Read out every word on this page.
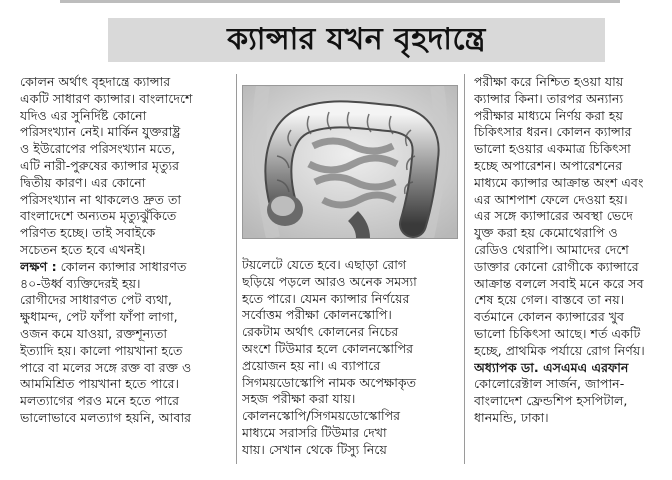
ক্যান্সার যখন বৃহদান্ত্রে
কোলন অর্থাৎ বৃহদান্ত্রে ক্যান্সার
একটি সাধারণ ক্যান্সার। বাংলাদেশে
যদিও এর সুনির্দিষ্ট কোনো
পরিসংখ্যান নেই। মার্কিন যুক্তরাষ্ট্র
ও ইউরোপের পরিসংখ্যান মতে,
এটি নারী-পুরুষের ক্যান্সার মৃত্যুর
দ্বিতীয় কারণ। এর কোনো
পরিসংখ্যান না থাকলেও দ্রুত তা
বাংলাদেশে অন্যতম মৃত্যুঝুঁকিতে
পরিণত হচ্ছে। তাই সবাইকে
সচেতন হতে হবে এখনই।
লক্ষণ : কোলন ক্যান্সার সাধারণত
৪০-উর্ধ্ব ব্যক্তিদেরই হয়।
রোগীদের সাধারণত পেট ব্যথা,
ক্ষুধামন্দ, পেট ফাঁপা ফাঁপা লাগা,
ওজন কমে যাওয়া, রক্তশূন্যতা
ইত্যাদি হয়। কালো পায়খানা হতে
পারে বা মলের সঙ্গে রক্ত বা রক্ত ও
আমমিশ্রিত পায়খানা হতে পারে।
মলত্যাগের পরও মনে হতে পারে
ভালোভাবে মলত্যাগ হয়নি, আবার
টয়লেটে যেতে হবে। এছাড়া রোগ
ছড়িয়ে পড়লে আরও অনেক সমস্যা
হতে পারে। যেমন ক্যান্সার নির্ণয়ের
সর্বোত্তম পরীক্ষা কোলনস্কোপি।
রেকটাম অর্থাৎ কোলনের নিচের
অংশে টিউমার হলে কোলনস্কোপির
প্রয়োজন হয় না। এ ব্যাপারে
সিগময়ডোস্কোপি নামক অপেক্ষাকৃত
সহজ পরীক্ষা করা যায়।
কোলনস্কোপি/সিগময়ডোস্কোপির
মাধ্যমে সরাসরি টিউমার দেখা
যায়। সেখান থেকে টিস্যু নিয়ে
পরীক্ষা করে নিশ্চিত হওয়া যায়
ক্যান্সার কিনা। তারপর অন্যান্য
পরীক্ষার মাধ্যমে নির্ণয় করা হয়
চিকিৎসার ধরন। কোলন ক্যান্সার
ভালো হওয়ার একমাত্র চিকিৎসা
হচ্ছে অপারেশন। অপারেশনের
মাধ্যমে ক্যান্সার আক্রান্ত অংশ এবং
এর আশপাশ ফেলে দেওয়া হয়।
এর সঙ্গে ক্যান্সারের অবস্থা ভেদে
যুক্ত করা হয় কেমোথেরাপি ও
রেডিও থেরাপি। আমাদের দেশে
ডাক্তার কোনো রোগীকে ক্যান্সারে
আক্রান্ত বললে সবাই মনে করে সব
শেষ হয়ে গেল। বাস্তবে তা নয়।
বর্তমানে কোলন ক্যান্সারের খুব
ভালো চিকিৎসা আছে। শর্ত একটি
হচ্ছে, প্রাথমিক পর্যায়ে রোগ নির্ণয়।
অধ্যাপক ডা. এসএমএ এরফান
কোলোরেক্টাল সার্জন, জাপান-
বাংলাদেশ ফ্রেন্ডশিপ হসপিটাল,
ধানমন্ডি, ঢাকা।
